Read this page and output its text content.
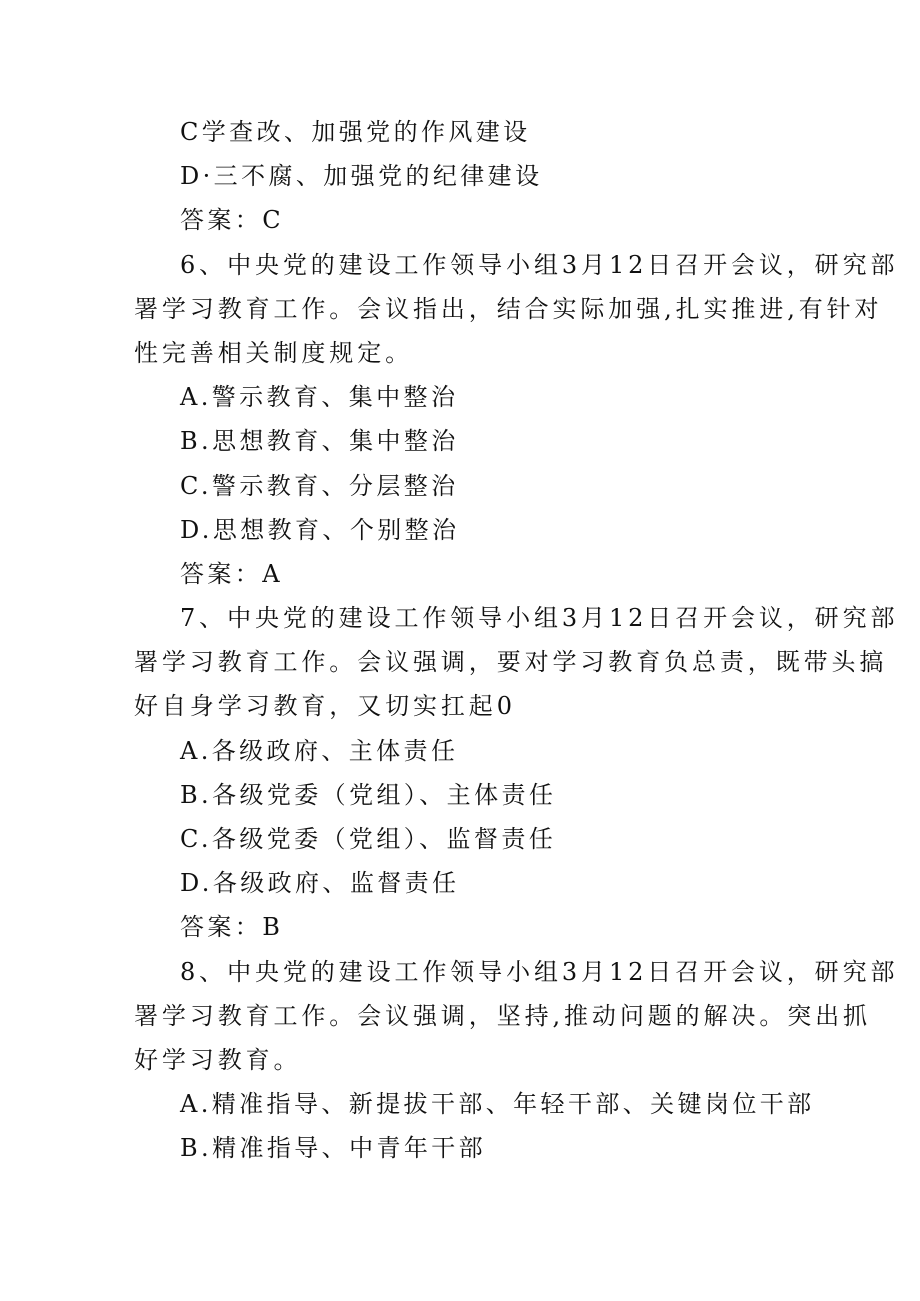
C学查改、加强党的作风建设
D·三不腐、加强党的纪律建设
答案：C
6、中央党的建设工作领导小组3月12日召开会议，研究部
署学习教育工作。会议指出，结合实际加强,扎实推进,有针对
性完善相关制度规定。
A.警示教育、集中整治
B.思想教育、集中整治
C.警示教育、分层整治
D.思想教育、个别整治
答案：A
7、中央党的建设工作领导小组3月12日召开会议，研究部
署学习教育工作。会议强调，要对学习教育负总责，既带头搞
好自身学习教育，又切实扛起0
A.各级政府、主体责任
B.各级党委（党组）、主体责任
C.各级党委（党组）、监督责任
D.各级政府、监督责任
答案：B
8、中央党的建设工作领导小组3月12日召开会议，研究部
署学习教育工作。会议强调，坚持,推动问题的解决。突出抓
好学习教育。
A.精准指导、新提拔干部、年轻干部、关键岗位干部
B.精准指导、中青年干部
